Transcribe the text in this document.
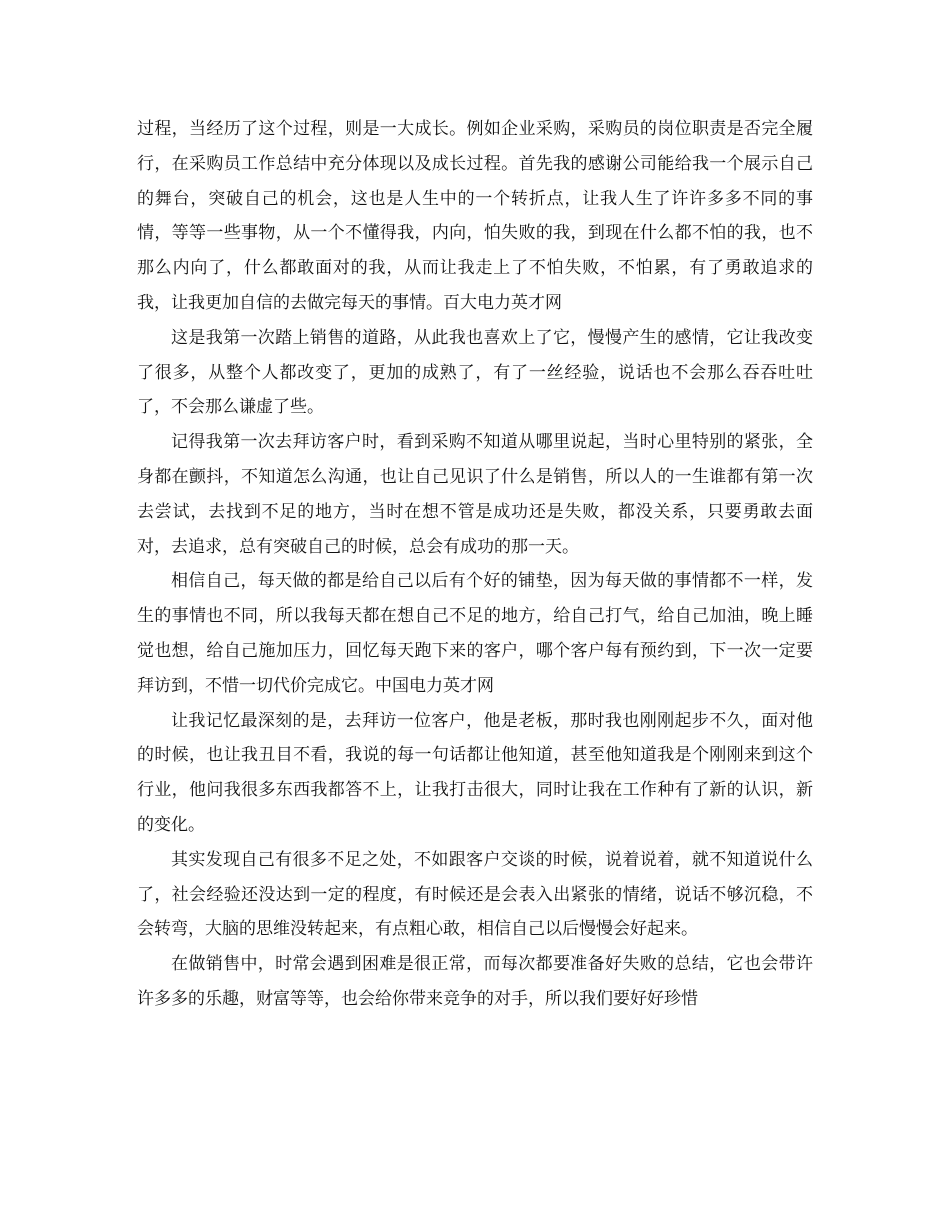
过程，当经历了这个过程，则是一大成长。例如企业采购，采购员的岗位职责是否完全履行，在采购员工作总结中充分体现以及成长过程。首先我的感谢公司能给我一个展示自己的舞台，突破自己的机会，这也是人生中的一个转折点，让我人生了许许多多不同的事情，等等一些事物，从一个不懂得我，内向，怕失败的我，到现在什么都不怕的我，也不那么内向了，什么都敢面对的我，从而让我走上了不怕失败，不怕累，有了勇敢追求的我，让我更加自信的去做完每天的事情。百大电力英才网

这是我第一次踏上销售的道路，从此我也喜欢上了它，慢慢产生的感情，它让我改变了很多，从整个人都改变了，更加的成熟了，有了一丝经验，说话也不会那么吞吞吐吐了，不会那么谦虚了些。

记得我第一次去拜访客户时，看到采购不知道从哪里说起，当时心里特别的紧张，全身都在颤抖，不知道怎么沟通，也让自己见识了什么是销售，所以人的一生谁都有第一次去尝试，去找到不足的地方，当时在想不管是成功还是失败，都没关系，只要勇敢去面对，去追求，总有突破自己的时候，总会有成功的那一天。

相信自己，每天做的都是给自己以后有个好的铺垫，因为每天做的事情都不一样，发生的事情也不同，所以我每天都在想自己不足的地方，给自己打气，给自己加油，晚上睡觉也想，给自己施加压力，回忆每天跑下来的客户，哪个客户每有预约到，下一次一定要拜访到，不惜一切代价完成它。中国电力英才网

让我记忆最深刻的是，去拜访一位客户，他是老板，那时我也刚刚起步不久，面对他的时候，也让我丑目不看，我说的每一句话都让他知道，甚至他知道我是个刚刚来到这个行业，他问我很多东西我都答不上，让我打击很大，同时让我在工作种有了新的认识，新的变化。

其实发现自己有很多不足之处，不如跟客户交谈的时候，说着说着，就不知道说什么了，社会经验还没达到一定的程度，有时候还是会表入出紧张的情绪，说话不够沉稳，不会转弯，大脑的思维没转起来，有点粗心敢，相信自己以后慢慢会好起来。

在做销售中，时常会遇到困难是很正常，而每次都要准备好失败的总结，它也会带许许多多的乐趣，财富等等，也会给你带来竞争的对手，所以我们要好好珍惜
